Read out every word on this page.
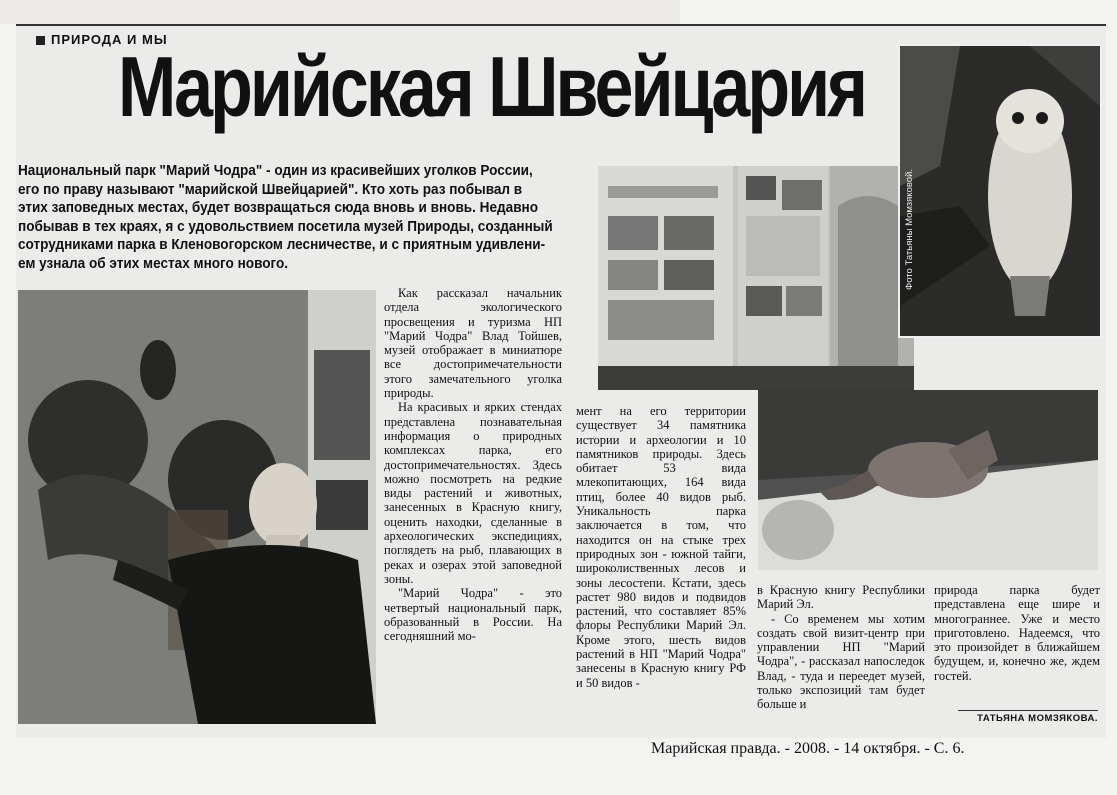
ПРИРОДА И МЫ
Марийская Швейцария
Национальный парк "Марий Чодра" - один из красивейших уголков России,
его по праву называют "марийской Швейцарией". Кто хоть раз побывал в
этих заповедных местах, будет возвращаться сюда вновь и вновь. Недавно
побывав в тех краях, я с удовольствием посетила музей Природы, созданный
сотрудниками парка в Кленовогорском лесничестве, и с приятным удивлени-
ем узнала об этих местах много нового.	Фото Татьяны Момзяковой.

Как рассказал начальник отдела экологического просвещения и туризма НП "Марий Чодра" Влад Тойшев, музей отображает в миниатюре все достопримечательности этого замечательного уголка природы.

На красивых и ярких стендах представлена познавательная информация о природных комплексах парка, его достопримечательностях. Здесь можно посмотреть на редкие виды растений и животных, занесенных в Красную книгу, оценить находки, сделанные в археологических экспедициях, поглядеть на рыб, плавающих в реках и озерах этой заповедной зоны.

"Марий Чодра" - это четвертый национальный парк, образованный в России. На сегодняшний мо-

мент на его территории существует 34 памятника истории и археологии и 10 памятников природы. Здесь обитает 53 вида млекопитающих, 164 вида птиц, более 40 видов рыб. Уникальность парка заключается в том, что находится он на стыке трех природных зон - южной тайги, широколиственных лесов и зоны лесостепи. Кстати, здесь растет 980 видов и подвидов растений, что составляет 85% флоры Республики Марий Эл. Кроме этого, шесть видов растений в НП "Марий Чодра" занесены в Красную книгу РФ и 50 видов -

в Красную книгу Республики Марий Эл.

- Со временем мы хотим создать свой визит-центр при управлении НП "Марий Чодра", - рассказал напоследок Влад, - туда и переедет музей, только экспозиций там будет больше и

природа парка будет представлена еще шире и многограннее. Уже и место приготовлено. Надеемся, что это произойдет в ближайшем будущем, и, конечно же, ждем гостей.

ТАТЬЯНА МОМЗЯКОВА.
Марийская правда. - 2008. - 14 октября. - С. 6.
